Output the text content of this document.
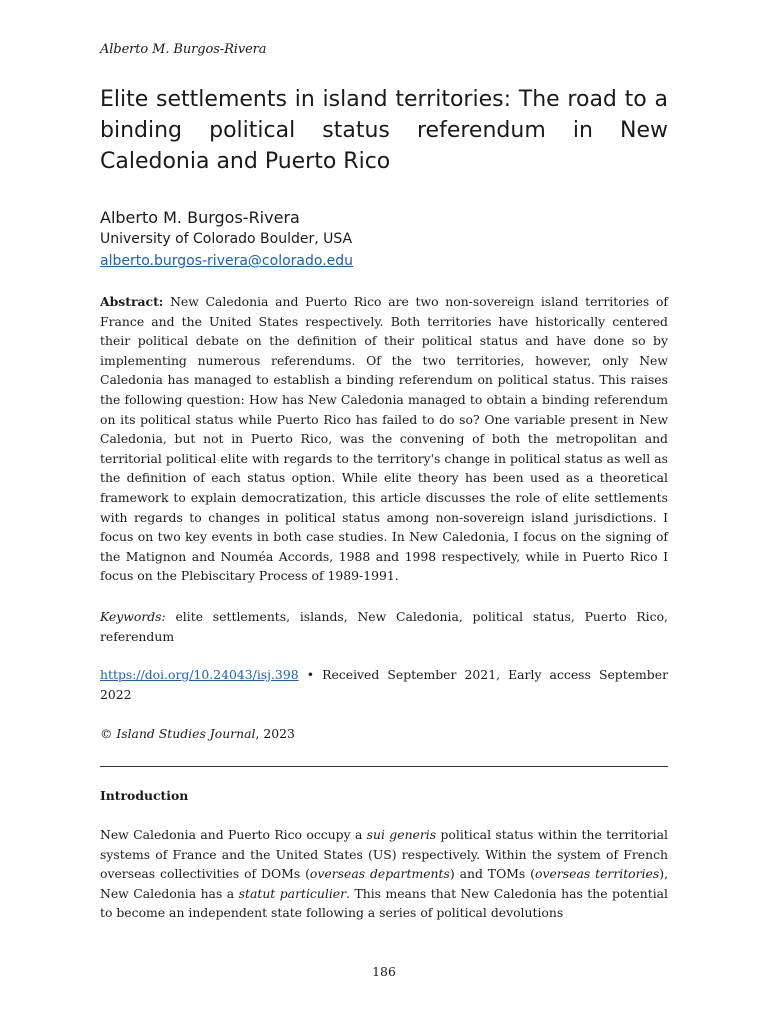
Alberto M. Burgos-Rivera
Elite settlements in island territories: The road to a binding political status referendum in New Caledonia and Puerto Rico
Alberto M. Burgos-Rivera
University of Colorado Boulder, USA
alberto.burgos-rivera@colorado.edu

Abstract: New Caledonia and Puerto Rico are two non-sovereign island territories of France and the United States respectively. Both territories have historically centered their political debate on the definition of their political status and have done so by implementing numerous referendums. Of the two territories, however, only New Caledonia has managed to establish a binding referendum on political status. This raises the following question: How has New Caledonia managed to obtain a binding referendum on its political status while Puerto Rico has failed to do so? One variable present in New Caledonia, but not in Puerto Rico, was the convening of both the metropolitan and territorial political elite with regards to the territory's change in political status as well as the definition of each status option. While elite theory has been used as a theoretical framework to explain democratization, this article discusses the role of elite settlements with regards to changes in political status among non-sovereign island jurisdictions. I focus on two key events in both case studies. In New Caledonia, I focus on the signing of the Matignon and Nouméa Accords, 1988 and 1998 respectively, while in Puerto Rico I focus on the Plebiscitary Process of 1989-1991.

Keywords: elite settlements, islands, New Caledonia, political status, Puerto Rico, referendum

https://doi.org/10.24043/isj.398 • Received September 2021, Early access September 2022

© Island Studies Journal, 2023

Introduction

New Caledonia and Puerto Rico occupy a sui generis political status within the territorial systems of France and the United States (US) respectively. Within the system of French overseas collectivities of DOMs (overseas departments) and TOMs (overseas territories), New Caledonia has a statut particulier. This means that New Caledonia has the potential to become an independent state following a series of political devolutions

186
